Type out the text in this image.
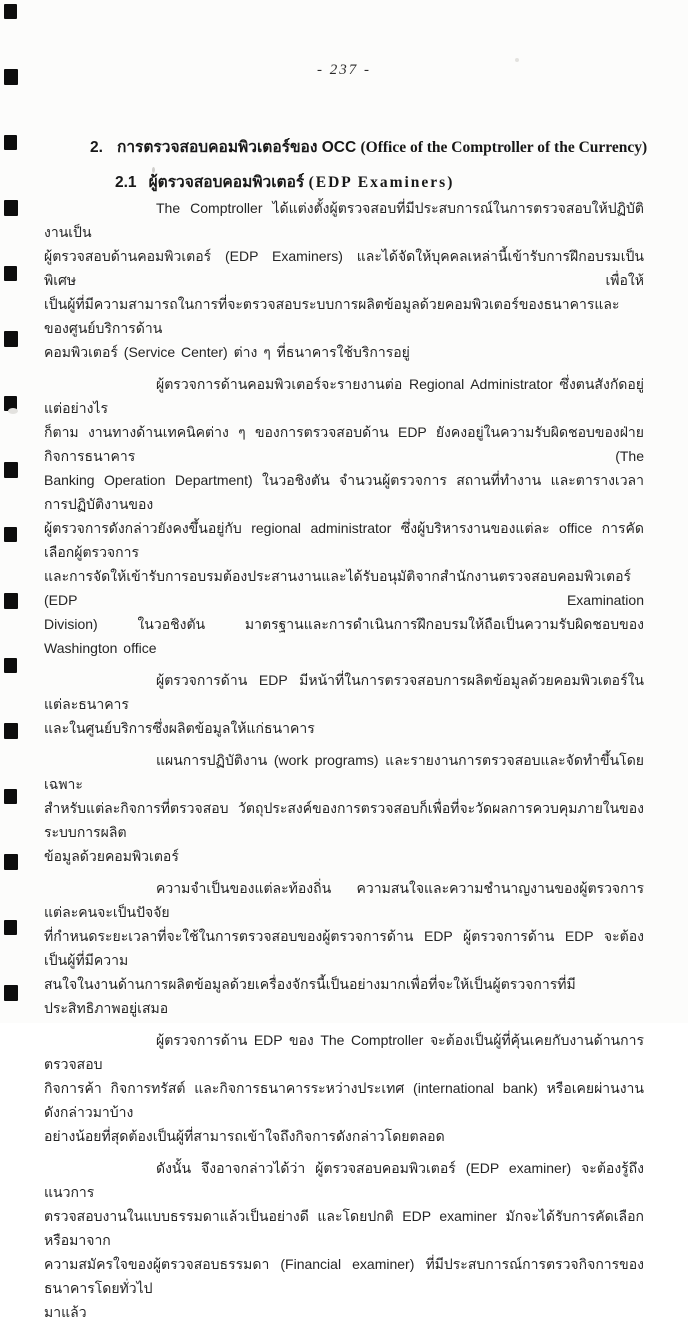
- 237 -
2. การตรวจสอบคอมพิวเตอร์ของ OCC (Office of the Comptroller of the Currency)
2.1 ผู้ตรวจสอบคอมพิวเตอร์ (EDP Examiners)

The Comptroller ได้แต่งตั้งผู้ตรวจสอบที่มีประสบการณ์ในการตรวจสอบให้ปฏิบัติงานเป็น
ผู้ตรวจสอบด้านคอมพิวเตอร์ (EDP Examiners) และได้จัดให้บุคคลเหล่านี้เข้ารับการฝึกอบรมเป็นพิเศษ เพื่อให้
เป็นผู้ที่มีความสามารถในการที่จะตรวจสอบระบบการผลิตข้อมูลด้วยคอมพิวเตอร์ของธนาคารและของศูนย์บริการด้าน
คอมพิวเตอร์ (Service Center) ต่าง ๆ ที่ธนาคารใช้บริการอยู่

ผู้ตรวจการด้านคอมพิวเตอร์จะรายงานต่อ Regional Administrator ซึ่งตนสังกัดอยู่ แต่อย่างไร
ก็ตาม งานทางด้านเทคนิคต่าง ๆ ของการตรวจสอบด้าน EDP ยังคงอยู่ในความรับผิดชอบของฝ่ายกิจการธนาคาร (The
Banking Operation Department) ในวอชิงตัน จำนวนผู้ตรวจการ สถานที่ทำงาน และตารางเวลาการปฏิบัติงานของ
ผู้ตรวจการดังกล่าวยังคงขึ้นอยู่กับ regional administrator ซึ่งผู้บริหารงานของแต่ละ office การคัดเลือกผู้ตรวจการ
และการจัดให้เข้ารับการอบรมต้องประสานงานและได้รับอนุมัติจากสำนักงานตรวจสอบคอมพิวเตอร์ (EDP Examination
Division) ในวอชิงตัน มาตรฐานและการดำเนินการฝึกอบรมให้ถือเป็นความรับผิดชอบของ Washington office

ผู้ตรวจการด้าน EDP มีหน้าที่ในการตรวจสอบการผลิตข้อมูลด้วยคอมพิวเตอร์ในแต่ละธนาคาร
และในศูนย์บริการซึ่งผลิตข้อมูลให้แก่ธนาคาร

แผนการปฏิบัติงาน (work programs) และรายงานการตรวจสอบและจัดทำขึ้นโดยเฉพาะ
สำหรับแต่ละกิจการที่ตรวจสอบ วัตถุประสงค์ของการตรวจสอบก็เพื่อที่จะวัดผลการควบคุมภายในของระบบการผลิต
ข้อมูลด้วยคอมพิวเตอร์

ความจำเป็นของแต่ละท้องถิ่น ความสนใจและความชำนาญงานของผู้ตรวจการแต่ละคนจะเป็นปัจจัย
ที่กำหนดระยะเวลาที่จะใช้ในการตรวจสอบของผู้ตรวจการด้าน EDP ผู้ตรวจการด้าน EDP จะต้องเป็นผู้ที่มีความ
สนใจในงานด้านการผลิตข้อมูลด้วยเครื่องจักรนี้เป็นอย่างมากเพื่อที่จะให้เป็นผู้ตรวจการที่มีประสิทธิภาพอยู่เสมอ

ผู้ตรวจการด้าน EDP ของ The Comptroller จะต้องเป็นผู้ที่คุ้นเคยกับงานด้านการตรวจสอบ
กิจการค้า กิจการทรัสต์ และกิจการธนาคารระหว่างประเทศ (international bank) หรือเคยผ่านงานดังกล่าวมาบ้าง
อย่างน้อยที่สุดต้องเป็นผู้ที่สามารถเข้าใจถึงกิจการดังกล่าวโดยตลอด

ดังนั้น จึงอาจกล่าวได้ว่า ผู้ตรวจสอบคอมพิวเตอร์ (EDP examiner) จะต้องรู้ถึงแนวการ
ตรวจสอบงานในแบบธรรมดาแล้วเป็นอย่างดี และโดยปกติ EDP examiner มักจะได้รับการคัดเลือกหรือมาจาก
ความสมัครใจของผู้ตรวจสอบธรรมดา (Financial examiner) ที่มีประสบการณ์การตรวจกิจการของธนาคารโดยทั่วไป
มาแล้ว
